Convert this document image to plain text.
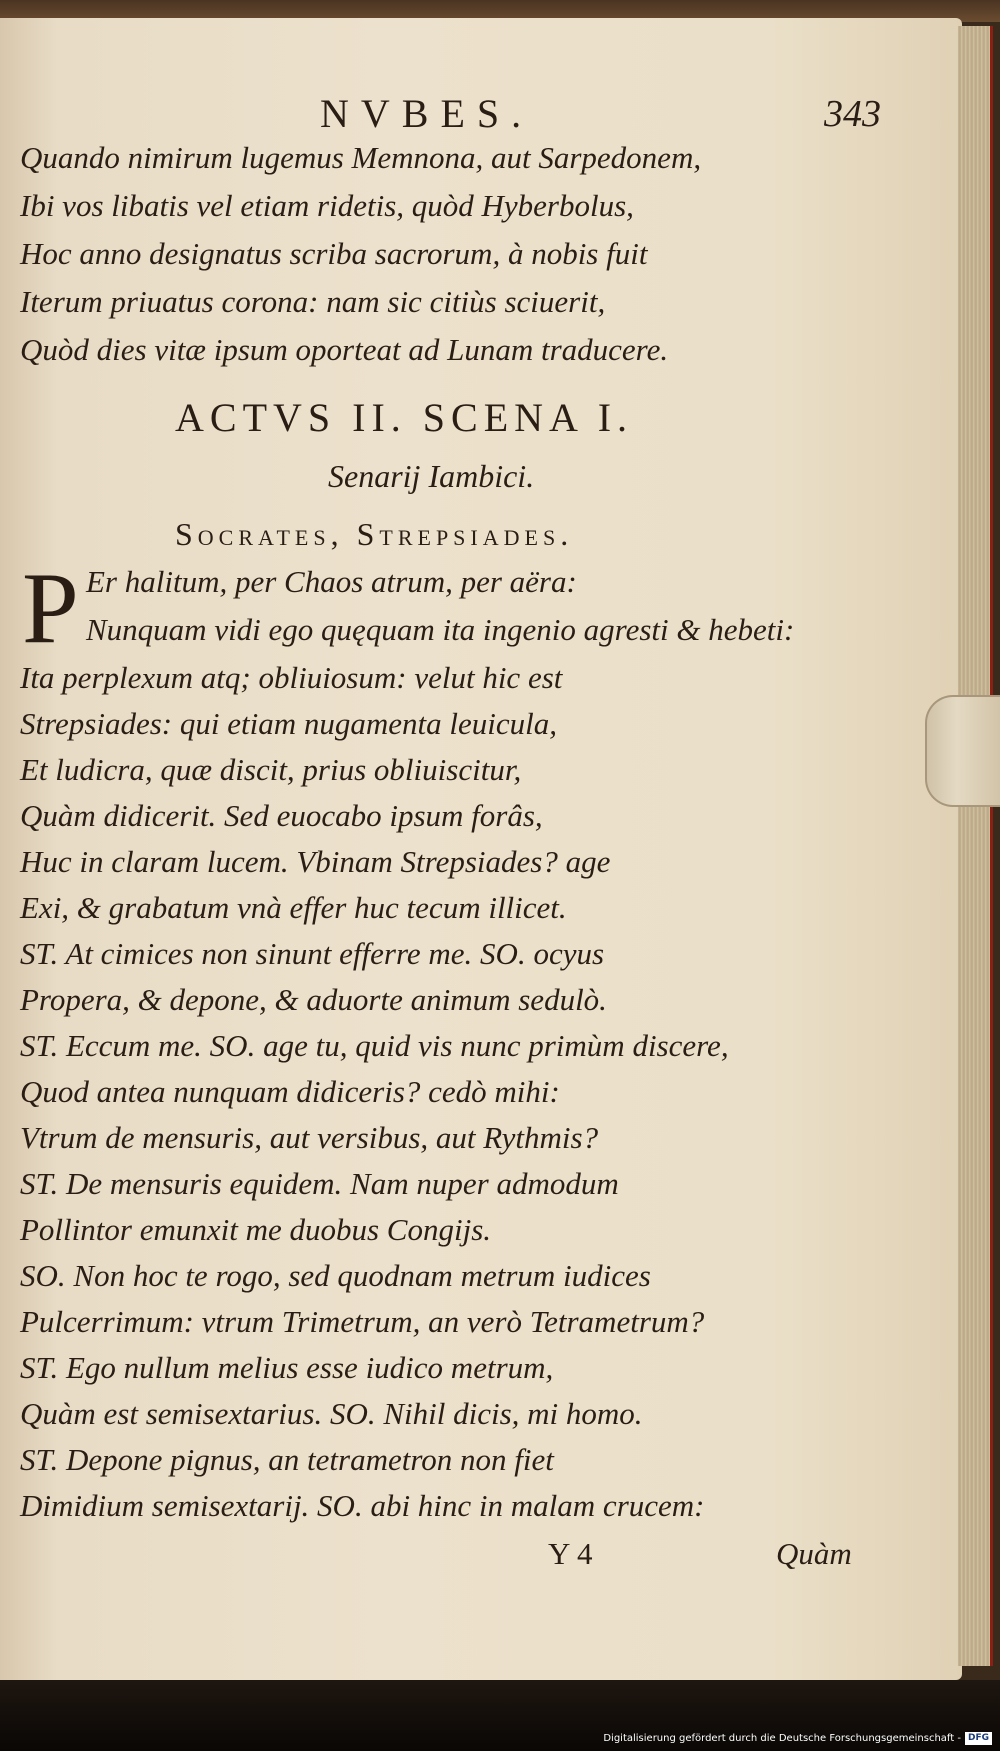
NVBES.	343
Quando nimirum lugemus Memnona, aut Sarpedonem,
Ibi vos libatis vel etiam ridetis, quòd Hyberbolus,
Hoc anno designatus scriba sacrorum, à nobis fuit
Iterum priuatus corona: nam sic citiùs sciuerit,
Quòd dies vitæ ipsum oporteat ad Lunam traducere.
ACTVS II. SCENA I.
Senarij Iambici.
Socrates, Strepsiades.
P Er halitum, per Chaos atrum, per aëra:
Nunquam vidi ego quęquam ita ingenio agresti & hebeti:
Ita perplexum atq; obliuiosum: velut hic est
Strepsiades: qui etiam nugamenta leuicula,
Et ludicra, quæ discit, prius obliuiscitur,
Quàm didicerit. Sed euocabo ipsum forâs,
Huc in claram lucem. Vbinam Strepsiades? age
Exi, & grabatum vnà effer huc tecum illicet.
ST. At cimices non sinunt efferre me. SO. ocyus
Propera, & depone, & aduorte animum sedulò.
ST. Eccum me. SO. age tu, quid vis nunc primùm discere,
Quod antea nunquam didiceris? cedò mihi:
Vtrum de mensuris, aut versibus, aut Rythmis?
ST. De mensuris equidem. Nam nuper admodum
Pollintor emunxit me duobus Congijs.
SO. Non hoc te rogo, sed quodnam metrum iudices
Pulcerrimum: vtrum Trimetrum, an verò Tetrametrum?
ST. Ego nullum melius esse iudico metrum,
Quàm est semisextarius. SO. Nihil dicis, mi homo.
ST. Depone pignus, an tetrametron non fiet
Dimidium semisextarij. SO. abi hinc in malam crucem:
Y 4	Quàm
Digitalisierung gefördert durch die Deutsche Forschungsgemeinschaft - DFG
